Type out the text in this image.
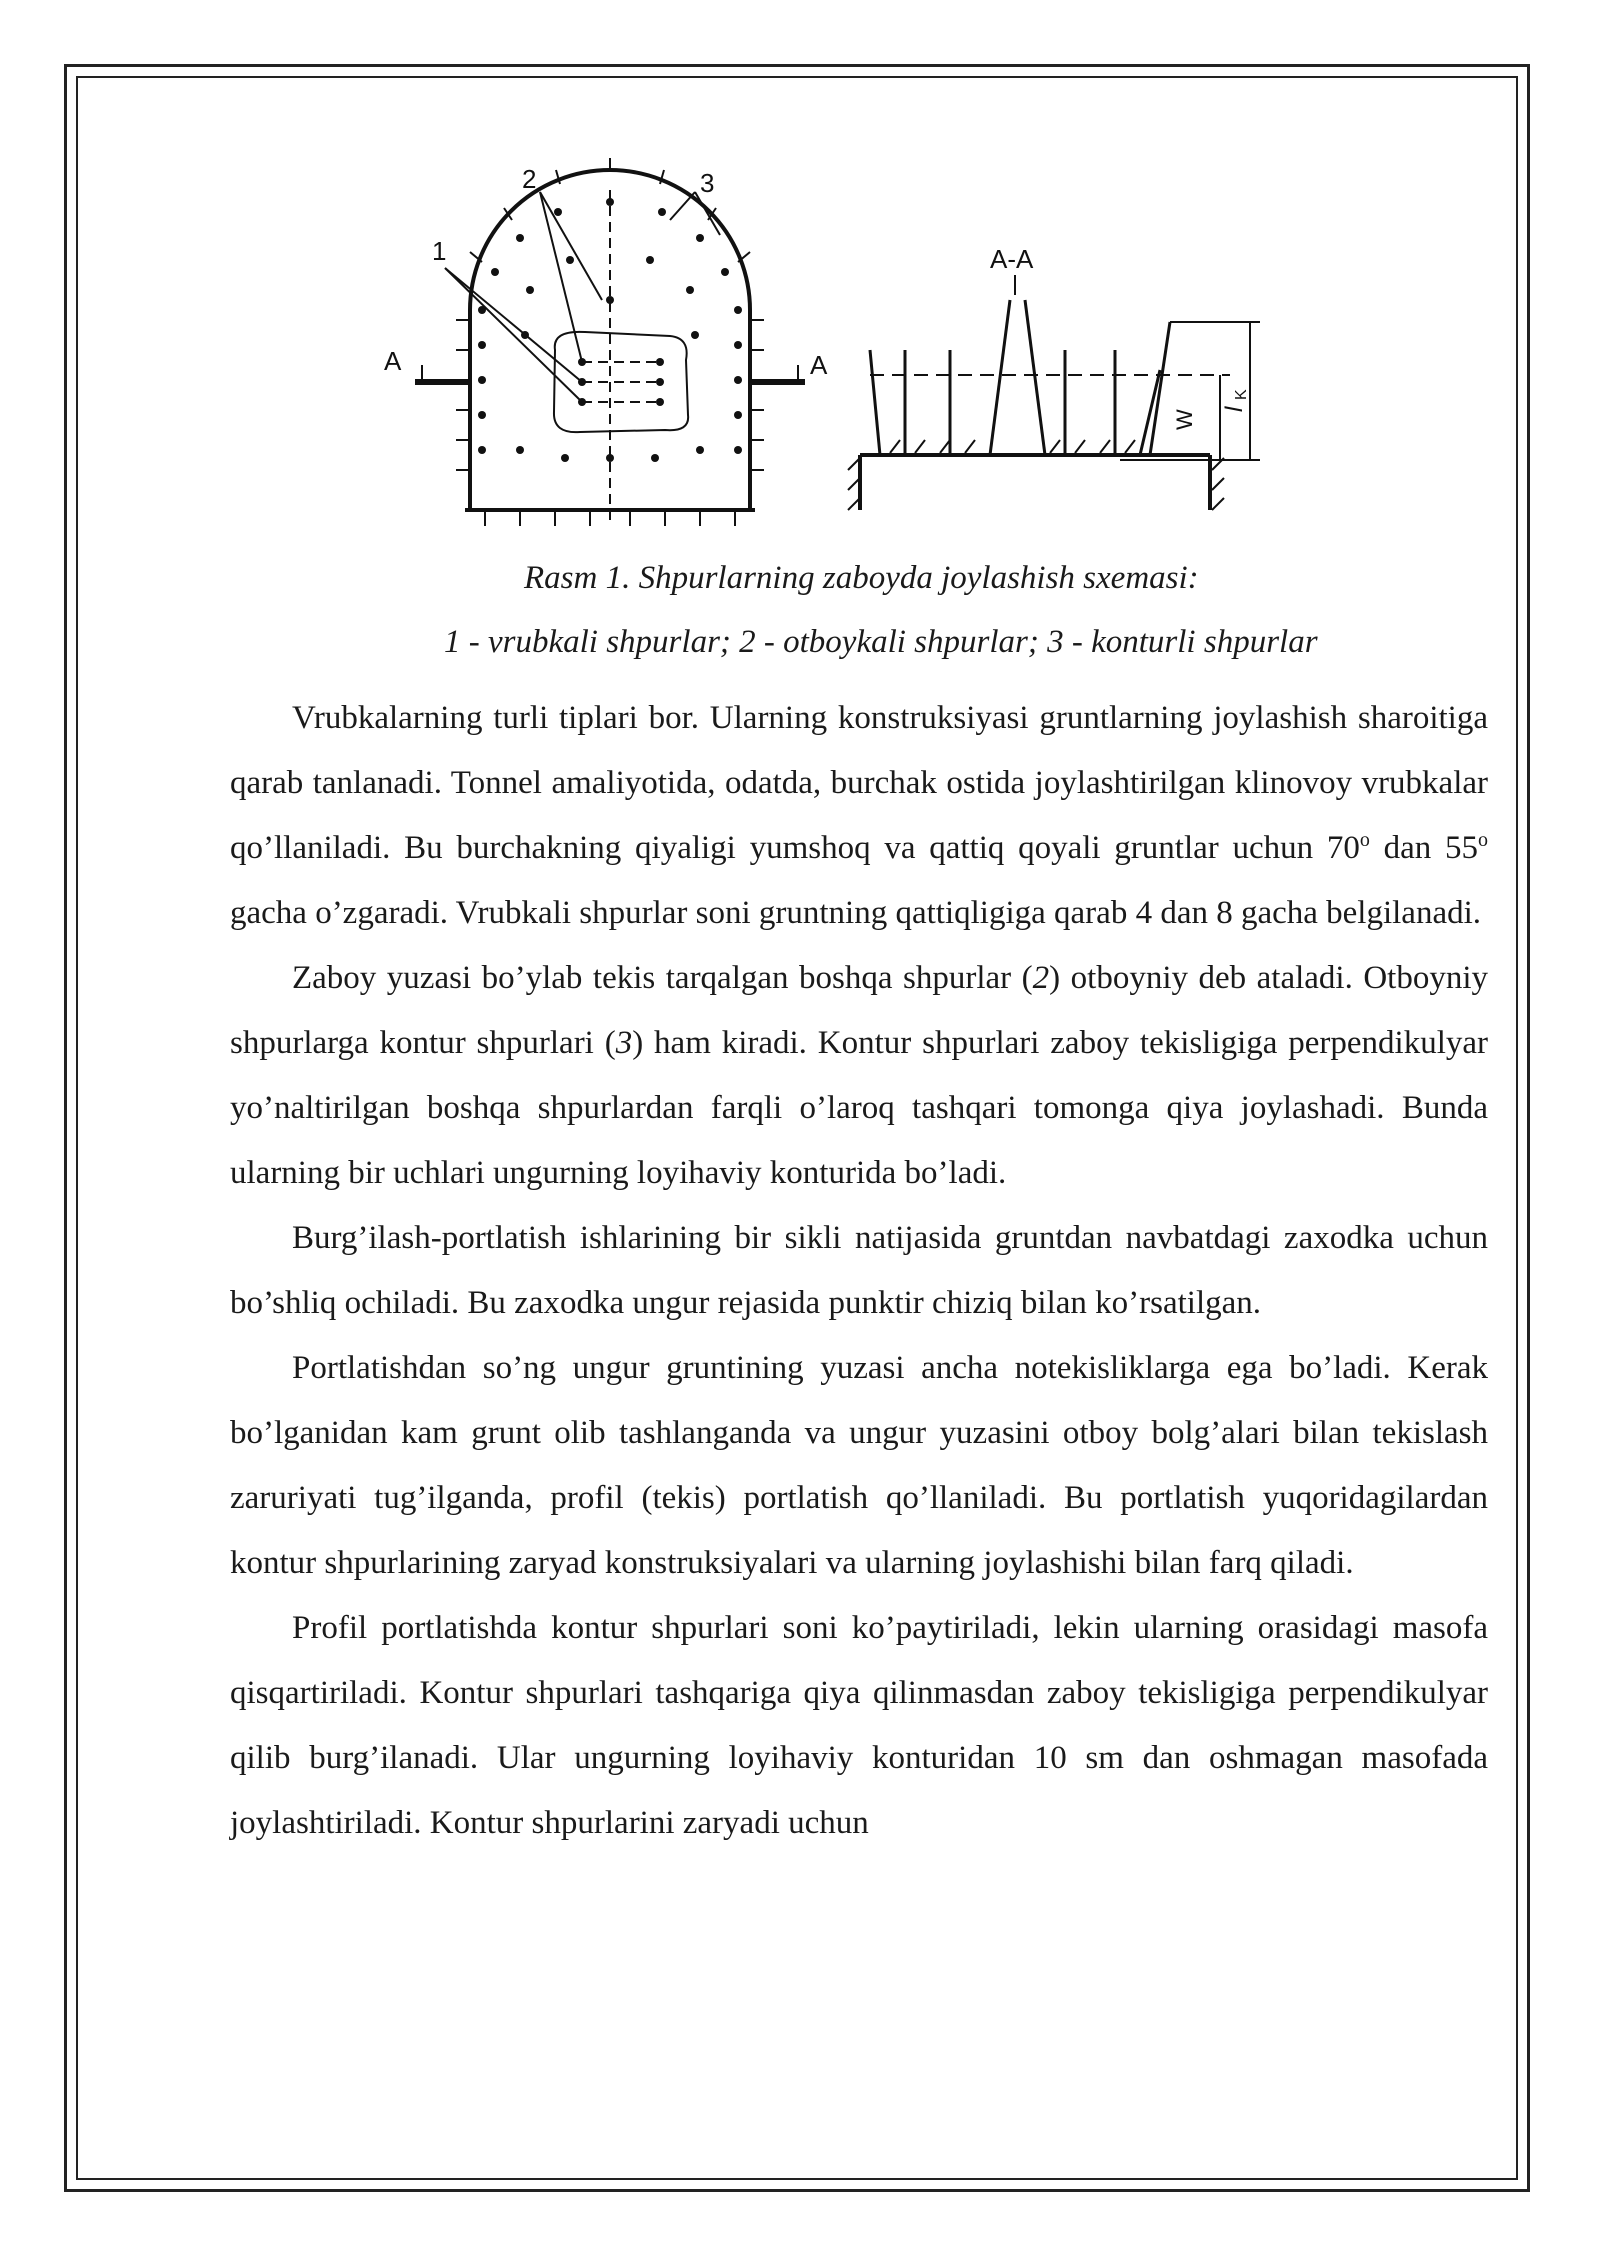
1
2	3
A	A
A-A
W l
K
Rasm 1. Shpurlarning zaboyda joylashish sxemasi:
1 - vrubkali shpurlar; 2 - otboykali shpurlar; 3 - konturli shpurlar

Vrubkalarning turli tiplari bor. Ularning konstruksiyasi gruntlarning joylashish sharoitiga qarab tanlanadi. Tonnel amaliyotida, odatda, burchak ostida joylashtirilgan klinovoy vrubkalar qo’llaniladi. Bu burchakning qiyaligi yumshoq va qattiq qoyali gruntlar uchun 70$^o$ dan 55$^o$ gacha o’zgaradi. Vrubkali shpurlar soni gruntning qattiqligiga qarab 4 dan 8 gacha belgilanadi.

Zaboy yuzasi bo’ylab tekis tarqalgan boshqa shpurlar (2) otboyniy deb ataladi. Otboyniy shpurlarga kontur shpurlari (3) ham kiradi. Kontur shpurlari zaboy tekisligiga perpendikulyar yo’naltirilgan boshqa shpurlardan farqli o’laroq tashqari tomonga qiya joylashadi. Bunda ularning bir uchlari ungurning loyihaviy konturida bo’ladi.

Burg’ilash-portlatish ishlarining bir sikli natijasida gruntdan navbatdagi zaxodka uchun bo’shliq ochiladi. Bu zaxodka ungur rejasida punktir chiziq bilan ko’rsatilgan.

Portlatishdan so’ng ungur gruntining yuzasi ancha notekisliklarga ega bo’ladi. Kerak bo’lganidan kam grunt olib tashlanganda va ungur yuzasini otboy bolg’alari bilan tekislash zaruriyati tug’ilganda, profil (tekis) portlatish qo’llaniladi. Bu portlatish yuqoridagilardan kontur shpurlarining zaryad konstruksiyalari va ularning joylashishi bilan farq qiladi.

Profil portlatishda kontur shpurlari soni ko’paytiriladi, lekin ularning orasidagi masofa qisqartiriladi. Kontur shpurlari tashqariga qiya qilinmasdan zaboy tekisligiga perpendikulyar qilib burg’ilanadi. Ular ungurning loyihaviy konturidan 10 sm dan oshmagan masofada joylashtiriladi. Kontur shpurlarini zaryadi uchun
